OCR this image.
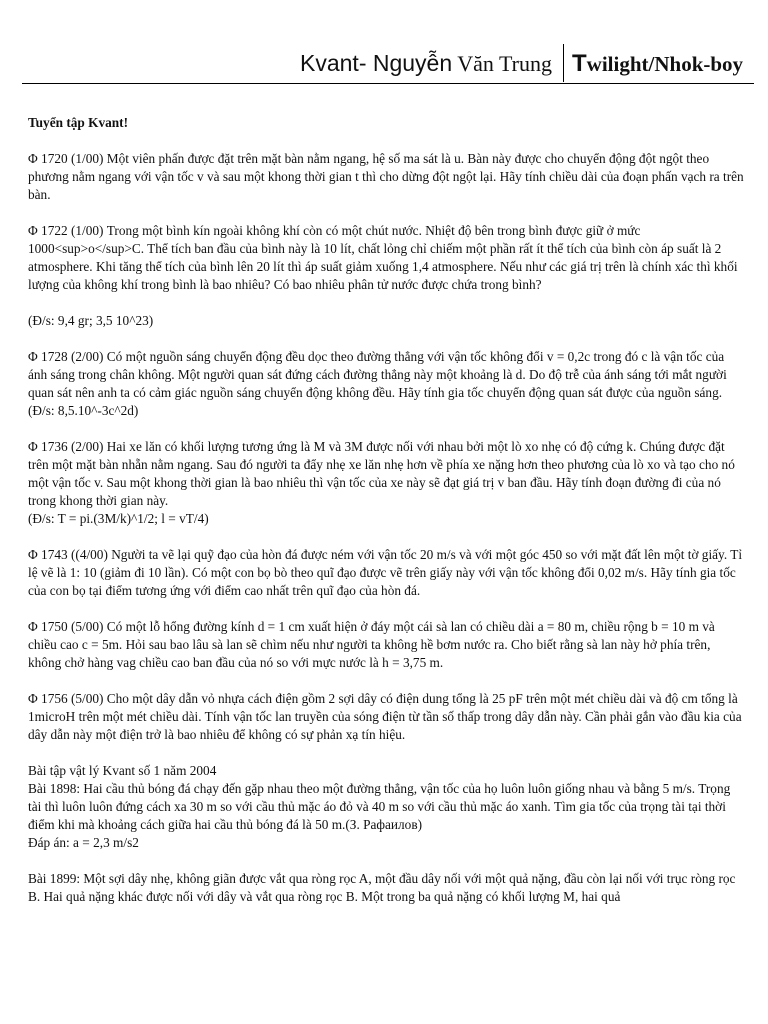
Kvant- Nguyễn Văn Trung Twilight/Nhok-boy

Tuyển tập Kvant!

Φ 1720 (1/00) Một viên phấn được đặt trên mặt bàn nằm ngang, hệ số ma sát là u. Bàn này được cho chuyển động đột ngột theo phương nằm ngang với vận tốc v và sau một khong thời gian t thì cho dừng đột ngột lại. Hãy tính chiều dài của đoạn phấn vạch ra trên bàn.

Φ 1722 (1/00) Trong một bình kín ngoài không khí còn có một chút nước. Nhiệt độ bên trong bình được giữ ở mức 1000<sup>o</sup>C. Thể tích ban đầu của bình này là 10 lít, chất lỏng chỉ chiếm một phần rất ít thể tích của bình còn áp suất là 2 atmosphere. Khi tăng thể tích của bình lên 20 lít thì áp suất giảm xuống 1,4 atmosphere. Nếu như các giá trị trên là chính xác thì khối lượng của không khí trong bình là bao nhiêu? Có bao nhiêu phân tử nước được chứa trong bình?

(Đ/s: 9,4 gr; 3,5 10^23)

Φ 1728 (2/00) Có một nguồn sáng chuyển động đều dọc theo đường thẳng với vận tốc không đổi v = 0,2c trong đó c là vận tốc của ánh sáng trong chân không. Một người quan sát đứng cách đường thẳng này một khoảng là d. Do độ trễ của ánh sáng tới mắt người quan sát nên anh ta có cảm giác nguồn sáng chuyển động không đều. Hãy tính gia tốc chuyển động quan sát được của nguồn sáng.

(Đ/s: 8,5.10^-3c^2d)

Φ 1736 (2/00) Hai xe lăn có khối lượng tương ứng là M và 3M được nối với nhau bởi một lò xo nhẹ có độ cứng k. Chúng được đặt trên một mặt bàn nhẵn nằm ngang. Sau đó người ta đẩy nhẹ xe lăn nhẹ hơn về phía xe nặng hơn theo phương của lò xo và tạo cho nó một vận tốc v. Sau một khong thời gian là bao nhiêu thì vận tốc của xe này sẽ đạt giá trị v ban đầu. Hãy tính đoạn đường đi của nó trong khong thời gian này.

(Đ/s: T = pi.(3M/k)^1/2; l = vT/4)

Φ 1743 ((4/00) Người ta vẽ lại quỹ đạo của hòn đá được ném với vận tốc 20 m/s và với một góc 450 so với mặt đất lên một tờ giấy. Tỉ lệ vẽ là 1: 10 (giảm đi 10 lần). Có một con bọ bò theo quĩ đạo được vẽ trên giấy này với vận tốc không đổi 0,02 m/s. Hãy tính gia tốc của con bọ tại điểm tương ứng với điểm cao nhất trên quĩ đạo của hòn đá.

Φ 1750 (5/00) Có một lỗ hổng đường kính d = 1 cm xuất hiện ở đáy một cái sà lan có chiều dài a = 80 m, chiều rộng b = 10 m và chiều cao c = 5m. Hỏi sau bao lâu sà lan sẽ chìm nếu như người ta không hề bơm nước ra. Cho biết rằng sà lan này hở phía trên, không chở hàng vag chiều cao ban đầu của nó so với mực nước là h = 3,75 m.

Φ 1756 (5/00) Cho một dây dẫn vỏ nhựa cách điện gồm 2 sợi dây có điện dung tổng là 25 pF trên một mét chiều dài và độ cm tổng là 1microH trên một mét chiều dài. Tính vận tốc lan truyền của sóng điện từ tần số thấp trong dây dẫn này. Cần phải gắn vào đầu kia của dây dẫn này một điện trở là bao nhiêu để không có sự phản xạ tín hiệu.

Bài tập vật lý Kvant số 1 năm 2004

Bài 1898: Hai cầu thủ bóng đá chạy đến gặp nhau theo một đường thẳng, vận tốc của họ luôn luôn giống nhau và bằng 5 m/s. Trọng tài thì luôn luôn đứng cách xa 30 m so với cầu thủ mặc áo đỏ và 40 m so với cầu thủ mặc áo xanh. Tìm gia tốc của trọng tài tại thời điểm khi mà khoảng cách giữa hai cầu thủ bóng đá là 50 m.(З. Рафаилов)

Đáp án: a = 2,3 m/s2

Bài 1899: Một sợi dây nhẹ, không giãn được vắt qua ròng rọc A, một đầu dây nối với một quả nặng, đầu còn lại nối với trục ròng rọc B. Hai quả nặng khác được nối với dây và vắt qua ròng rọc B. Một trong ba quả nặng có khối lượng M, hai quả
